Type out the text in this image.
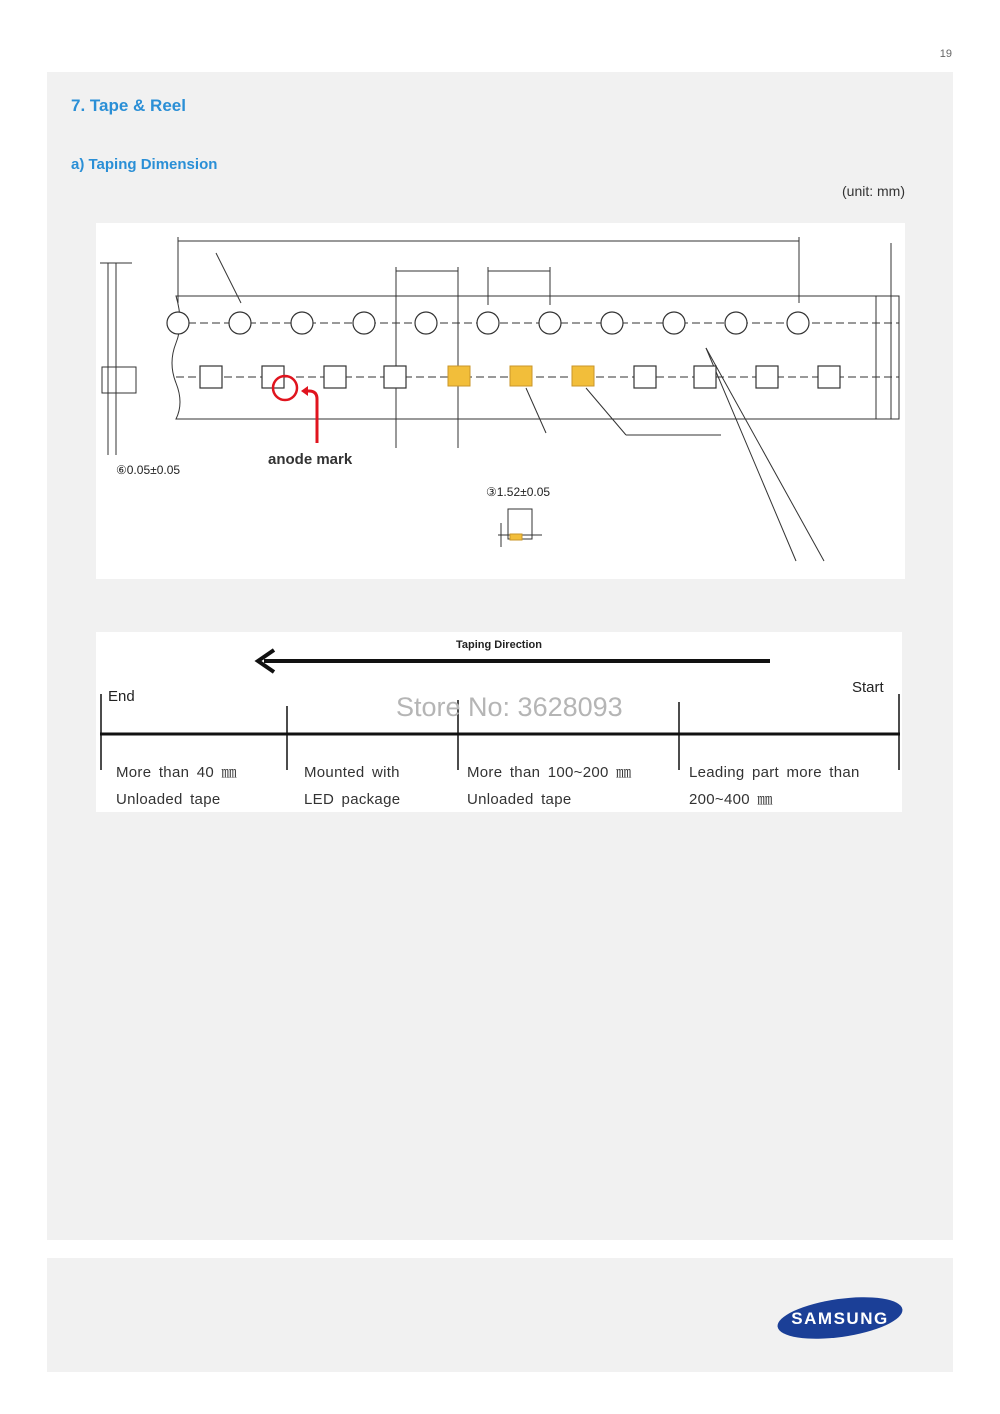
19
7. Tape & Reel
a) Taping Dimension
(unit: mm)
anode mark
⑥0.05±0.05
③1.52±0.05
Taping Direction
End
Start
Store No: 3628093
More than 40 ㎜
Unloaded tape
Mounted with
LED package
More than 100~200 ㎜
Unloaded tape
Leading part more than
200~400 ㎜
SAMSUNG
